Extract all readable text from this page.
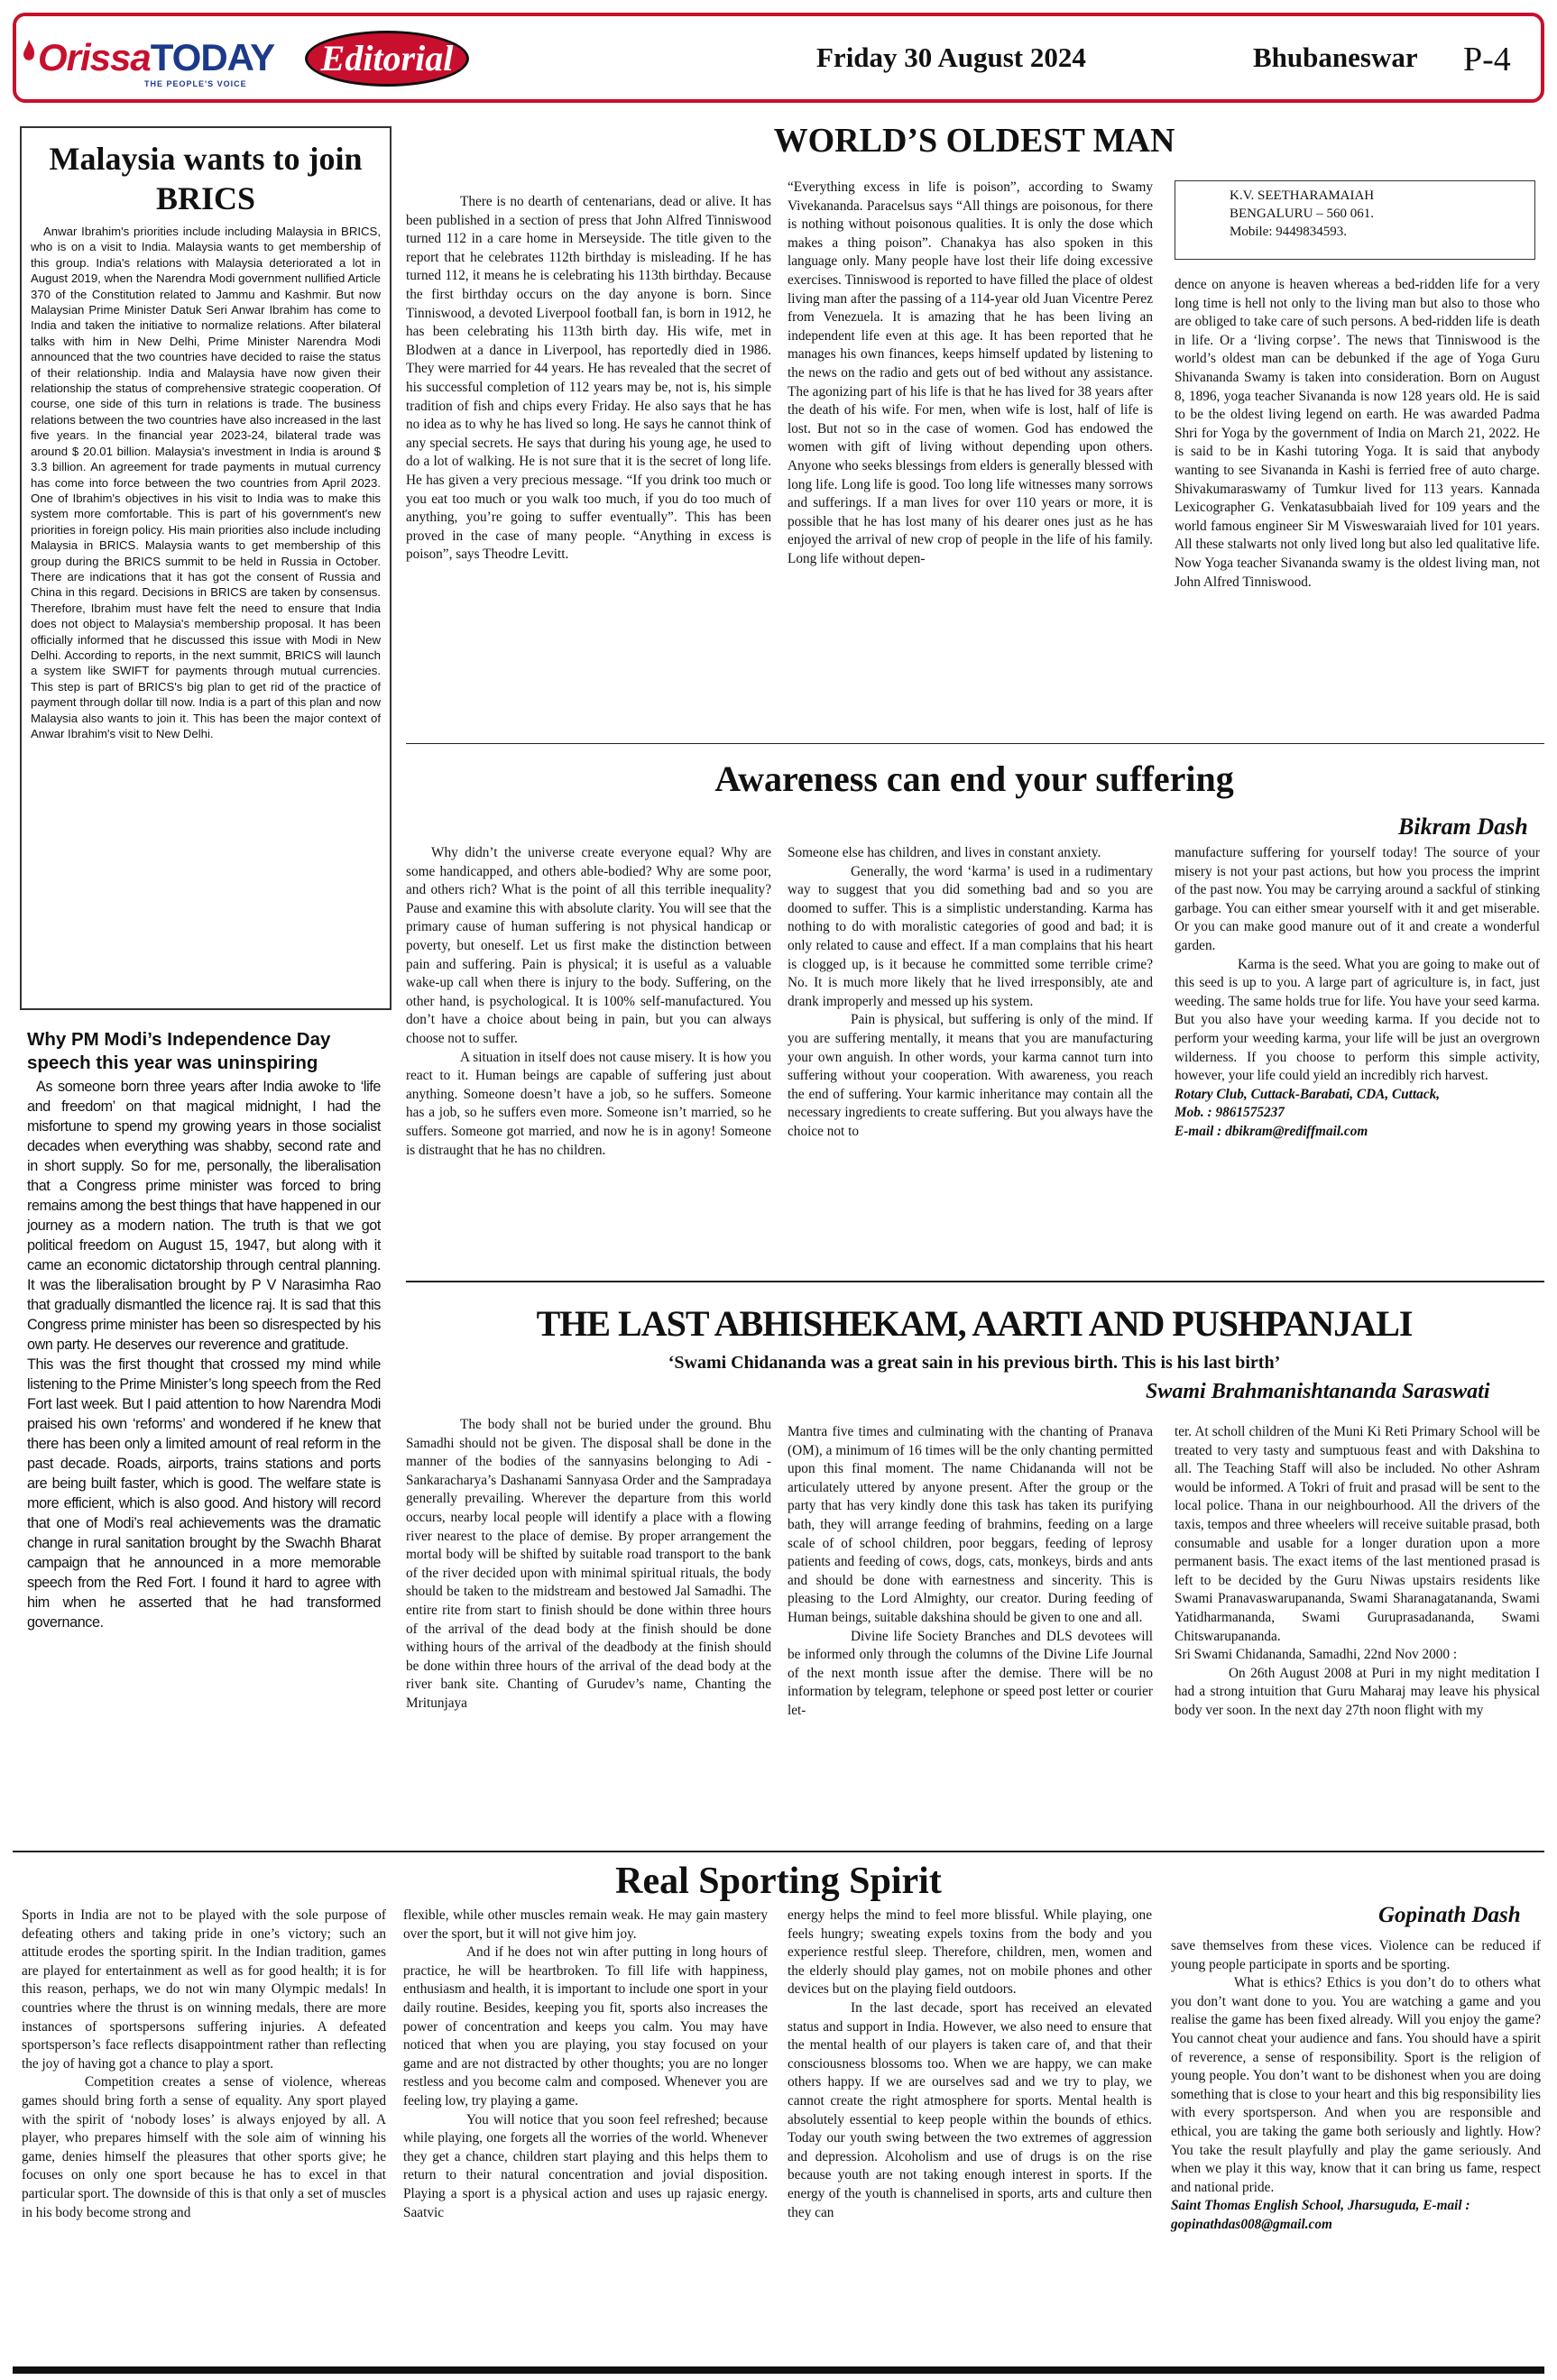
OrissaTODAY
THE PEOPLE'S VOICE
Editorial	Friday 30 August 2024	Bhubaneswar P-4
Malaysia wants to join
BRICS
Anwar Ibrahim's priorities include including Malaysia in BRICS, who is on a visit to India. Malaysia wants to get membership of this group. India's relations with Malaysia deteriorated a lot in August 2019, when the Narendra Modi government nullified Article 370 of the Constitution related to Jammu and Kashmir. But now Malaysian Prime Minister Datuk Seri Anwar Ibrahim has come to India and taken the initiative to normalize relations. After bilateral talks with him in New Delhi, Prime Minister Narendra Modi announced that the two countries have decided to raise the status of their relationship. India and Malaysia have now given their relationship the status of comprehensive strategic cooperation. Of course, one side of this turn in relations is trade. The business relations between the two countries have also increased in the last five years. In the financial year 2023-24, bilateral trade was around $ 20.01 billion. Malaysia's investment in India is around $ 3.3 billion. An agreement for trade payments in mutual currency has come into force between the two countries from April 2023. One of Ibrahim's objectives in his visit to India was to make this system more comfortable. This is part of his government's new priorities in foreign policy. His main priorities also include including Malaysia in BRICS. Malaysia wants to get membership of this group during the BRICS summit to be held in Russia in October. There are indications that it has got the consent of Russia and China in this regard. Decisions in BRICS are taken by consensus. Therefore, Ibrahim must have felt the need to ensure that India does not object to Malaysia's membership proposal. It has been officially informed that he discussed this issue with Modi in New Delhi. According to reports, in the next summit, BRICS will launch a system like SWIFT for payments through mutual currencies. This step is part of BRICS's big plan to get rid of the practice of payment through dollar till now. India is a part of this plan and now Malaysia also wants to join it. This has been the major context of Anwar Ibrahim's visit to New Delhi.
Why PM Modi’s Independence Day
speech this year was uninspiring

As someone born three years after India awoke to ‘life and freedom’ on that magical midnight, I had the misfortune to spend my growing years in those socialist decades when everything was shabby, second rate and in short supply. So for me, personally, the liberalisation that a Congress prime minister was forced to bring remains among the best things that have happened in our journey as a modern nation. The truth is that we got political freedom on August 15, 1947, but along with it came an economic dictatorship through central planning. It was the liberalisation brought by P V Narasimha Rao that gradually dismantled the licence raj. It is sad that this Congress prime minister has been so disrespected by his own party. He deserves our reverence and gratitude.

This was the first thought that crossed my mind while listening to the Prime Minister’s long speech from the Red Fort last week. But I paid attention to how Narendra Modi praised his own ‘reforms’ and wondered if he knew that there has been only a limited amount of real reform in the past decade. Roads, airports, trains stations and ports are being built faster, which is good. The welfare state is more efficient, which is also good. And history will record that one of Modi’s real achievements was the dramatic change in rural sanitation brought by the Swachh Bharat campaign that he announced in a more memorable speech from the Red Fort. I found it hard to agree with him when he asserted that he had transformed governance.

WORLD’S OLDEST MAN
There is no dearth of centenarians, dead or alive. It has been published in a section of press that John Alfred Tinniswood turned 112 in a care home in Merseyside. The title given to the report that he celebrates 112th birthday is misleading. If he has turned 112, it means he is celebrating his 113th birthday. Because the first birthday occurs on the day anyone is born. Since Tinniswood, a devoted Liverpool football fan, is born in 1912, he has been celebrating his 113th birth day. His wife, met in Blodwen at a dance in Liverpool, has reportedly died in 1986. They were married for 44 years. He has revealed that the secret of his successful completion of 112 years may be, not is, his simple tradition of fish and chips every Friday. He also says that he has no idea as to why he has lived so long. He says he cannot think of any special secrets. He says that during his young age, he used to do a lot of walking. He is not sure that it is the secret of long life. He has given a very precious message. “If you drink too much or you eat too much or you walk too much, if you do too much of anything, you’re going to suffer eventually”. This has been proved in the case of many people. “Anything in excess is poison”, says Theodre Levitt.
“Everything excess in life is poison”, according to Swamy Vivekananda. Paracelsus says “All things are poisonous, for there is nothing without poisonous qualities. It is only the dose which makes a thing poison”. Chanakya has also spoken in this language only. Many people have lost their life doing excessive exercises. Tinniswood is reported to have filled the place of oldest living man after the passing of a 114-year old Juan Vicentre Perez from Venezuela. It is amazing that he has been living an independent life even at this age. It has been reported that he manages his own finances, keeps himself updated by listening to the news on the radio and gets out of bed without any assistance. The agonizing part of his life is that he has lived for 38 years after the death of his wife. For men, when wife is lost, half of life is lost. But not so in the case of women. God has endowed the women with gift of living without depending upon others. Anyone who seeks blessings from elders is generally blessed with long life. Long life is good. Too long life witnesses many sorrows and sufferings. If a man lives for over 110 years or more, it is possible that he has lost many of his dearer ones just as he has enjoyed the arrival of new crop of people in the life of his family. Long life without depen-
K.V. SEETHARAMAIAH
BENGALURU – 560 061.
Mobile: 9449834593.
dence on anyone is heaven whereas a bed-ridden life for a very long time is hell not only to the living man but also to those who are obliged to take care of such persons. A bed-ridden life is death in life. Or a ‘living corpse’. The news that Tinniswood is the world’s oldest man can be debunked if the age of Yoga Guru Shivananda Swamy is taken into consideration. Born on August 8, 1896, yoga teacher Sivananda is now 128 years old. He is said to be the oldest living legend on earth. He was awarded Padma Shri for Yoga by the government of India on March 21, 2022. He is said to be in Kashi tutoring Yoga. It is said that anybody wanting to see Sivananda in Kashi is ferried free of auto charge. Shivakumaraswamy of Tumkur lived for 113 years. Kannada Lexicographer G. Venkatasubbaiah lived for 109 years and the world famous engineer Sir M Visweswaraiah lived for 101 years. All these stalwarts not only lived long but also led qualitative life. Now Yoga teacher Sivananda swamy is the oldest living man, not John Alfred Tinniswood.
Awareness can end your suffering
Bikram Dash

Why didn’t the universe create everyone equal? Why are some handicapped, and others able-bodied? Why are some poor, and others rich? What is the point of all this terrible inequality? Pause and examine this with absolute clarity. You will see that the primary cause of human suffering is not physical handicap or poverty, but oneself. Let us first make the distinction between pain and suffering. Pain is physical; it is useful as a valuable wake-up call when there is injury to the body. Suffering, on the other hand, is psychological. It is 100% self-manufactured. You don’t have a choice about being in pain, but you can always choose not to suffer.

A situation in itself does not cause misery. It is how you react to it. Human beings are capable of suffering just about anything. Someone doesn’t have a job, so he suffers. Someone has a job, so he suffers even more. Someone isn’t married, so he suffers. Someone got married, and now he is in agony! Someone is distraught that he has no children.

Someone else has children, and lives in constant anxiety.

Generally, the word ‘karma’ is used in a rudimentary way to suggest that you did something bad and so you are doomed to suffer. This is a simplistic understanding. Karma has nothing to do with moralistic categories of good and bad; it is only related to cause and effect. If a man complains that his heart is clogged up, is it because he committed some terrible crime? No. It is much more likely that he lived irresponsibly, ate and drank improperly and messed up his system.

Pain is physical, but suffering is only of the mind. If you are suffering mentally, it means that you are manufacturing your own anguish. In other words, your karma cannot turn into suffering without your cooperation. With awareness, you reach the end of suffering. Your karmic inheritance may contain all the necessary ingredients to create suffering. But you always have the choice not to

manufacture suffering for yourself today! The source of your misery is not your past actions, but how you process the imprint of the past now. You may be carrying around a sackful of stinking garbage. You can either smear yourself with it and get miserable. Or you can make good manure out of it and create a wonderful garden.

Karma is the seed. What you are going to make out of this seed is up to you. A large part of agriculture is, in fact, just weeding. The same holds true for life. You have your seed karma. But you also have your weeding karma. If you decide not to perform your weeding karma, your life will be just an overgrown wilderness. If you choose to perform this simple activity, however, your life could yield an incredibly rich harvest.

Rotary Club, Cuttack-Barabati, CDA, Cuttack,

Mob. : 9861575237

E-mail : dbikram@rediffmail.com

THE LAST ABHISHEKAM, AARTI AND PUSHPANJALI
‘Swami Chidananda was a great sain in his previous birth. This is his last birth’
Swami Brahmanishtananda Saraswati
The body shall not be buried under the ground. Bhu Samadhi should not be given. The disposal shall be done in the manner of the bodies of the sannyasins belonging to Adi - Sankaracharya’s Dashanami Sannyasa Order and the Sampradaya generally prevailing. Wherever the departure from this world occurs, nearby local people will identify a place with a flowing river nearest to the place of demise. By proper arrangement the mortal body will be shifted by suitable road transport to the bank of the river decided upon with minimal spiritual rituals, the body should be taken to the midstream and bestowed Jal Samadhi. The entire rite from start to finish should be done within three hours of the arrival of the dead body at the finish should be done withing hours of the arrival of the deadbody at the finish should be done within three hours of the arrival of the dead body at the river bank site. Chanting of Gurudev’s name, Chanting the Mritunjaya

Mantra five times and culminating with the chanting of Pranava (OM), a minimum of 16 times will be the only chanting permitted upon this final moment. The name Chidananda will not be articulately uttered by anyone present. After the group or the party that has very kindly done this task has taken its purifying bath, they will arrange feeding of brahmins, feeding on a large scale of of school children, poor beggars, feeding of leprosy patients and feeding of cows, dogs, cats, monkeys, birds and ants and should be done with earnestness and sincerity. This is pleasing to the Lord Almighty, our creator. During feeding of Human beings, suitable dakshina should be given to one and all.

Divine life Society Branches and DLS devotees will be informed only through the columns of the Divine Life Journal of the next month issue after the demise. There will be no information by telegram, telephone or speed post letter or courier let-

ter. At scholl children of the Muni Ki Reti Primary School will be treated to very tasty and sumptuous feast and with Dakshina to all. The Teaching Staff will also be included. No other Ashram would be informed. A Tokri of fruit and prasad will be sent to the local police. Thana in our neighbourhood. All the drivers of the taxis, tempos and three wheelers will receive suitable prasad, both consumable and usable for a longer duration upon a more permanent basis. The exact items of the last mentioned prasad is left to be decided by the Guru Niwas upstairs residents like Swami Pranavaswarupananda, Swami Sharanagatananda, Swami Yatidharmananda, Swami Guruprasadananda, Swami Chitswarupananda.

Sri Swami Chidananda, Samadhi, 22nd Nov 2000 :

On 26th August 2008 at Puri in my night meditation I had a strong intuition that Guru Maharaj may leave his physical body ver soon. In the next day 27th noon flight with my

Real Sporting Spirit
Gopinath Dash

Sports in India are not to be played with the sole purpose of defeating others and taking pride in one’s victory; such an attitude erodes the sporting spirit. In the Indian tradition, games are played for entertainment as well as for good health; it is for this reason, perhaps, we do not win many Olympic medals! In countries where the thrust is on winning medals, there are more instances of sportspersons suffering injuries. A defeated sportsperson’s face reflects disappointment rather than reflecting the joy of having got a chance to play a sport.

Competition creates a sense of violence, whereas games should bring forth a sense of equality. Any sport played with the spirit of ‘nobody loses’ is always enjoyed by all. A player, who prepares himself with the sole aim of winning his game, denies himself the pleasures that other sports give; he focuses on only one sport because he has to excel in that particular sport. The downside of this is that only a set of muscles in his body become strong and

flexible, while other muscles remain weak. He may gain mastery over the sport, but it will not give him joy.

And if he does not win after putting in long hours of practice, he will be heartbroken. To fill life with happiness, enthusiasm and health, it is important to include one sport in your daily routine. Besides, keeping you fit, sports also increases the power of concentration and keeps you calm. You may have noticed that when you are playing, you stay focused on your game and are not distracted by other thoughts; you are no longer restless and you become calm and composed. Whenever you are feeling low, try playing a game.

You will notice that you soon feel refreshed; because while playing, one forgets all the worries of the world. Whenever they get a chance, children start playing and this helps them to return to their natural concentration and jovial disposition. Playing a sport is a physical action and uses up rajasic energy. Saatvic

energy helps the mind to feel more blissful. While playing, one feels hungry; sweating expels toxins from the body and you experience restful sleep. Therefore, children, men, women and the elderly should play games, not on mobile phones and other devices but on the playing field outdoors.

In the last decade, sport has received an elevated status and support in India. However, we also need to ensure that the mental health of our players is taken care of, and that their consciousness blossoms too. When we are happy, we can make others happy. If we are ourselves sad and we try to play, we cannot create the right atmosphere for sports. Mental health is absolutely essential to keep people within the bounds of ethics. Today our youth swing between the two extremes of aggression and depression. Alcoholism and use of drugs is on the rise because youth are not taking enough interest in sports. If the energy of the youth is channelised in sports, arts and culture then they can

save themselves from these vices. Violence can be reduced if young people participate in sports and be sporting.

What is ethics? Ethics is you don’t do to others what you don’t want done to you. You are watching a game and you realise the game has been fixed already. Will you enjoy the game? You cannot cheat your audience and fans. You should have a spirit of reverence, a sense of responsibility. Sport is the religion of young people. You don’t want to be dishonest when you are doing something that is close to your heart and this big responsibility lies with every sportsperson. And when you are responsible and ethical, you are taking the game both seriously and lightly. How? You take the result playfully and play the game seriously. And when we play it this way, know that it can bring us fame, respect and national pride.

Saint Thomas English School, Jharsuguda, E-mail :

gopinathdas008@gmail.com
